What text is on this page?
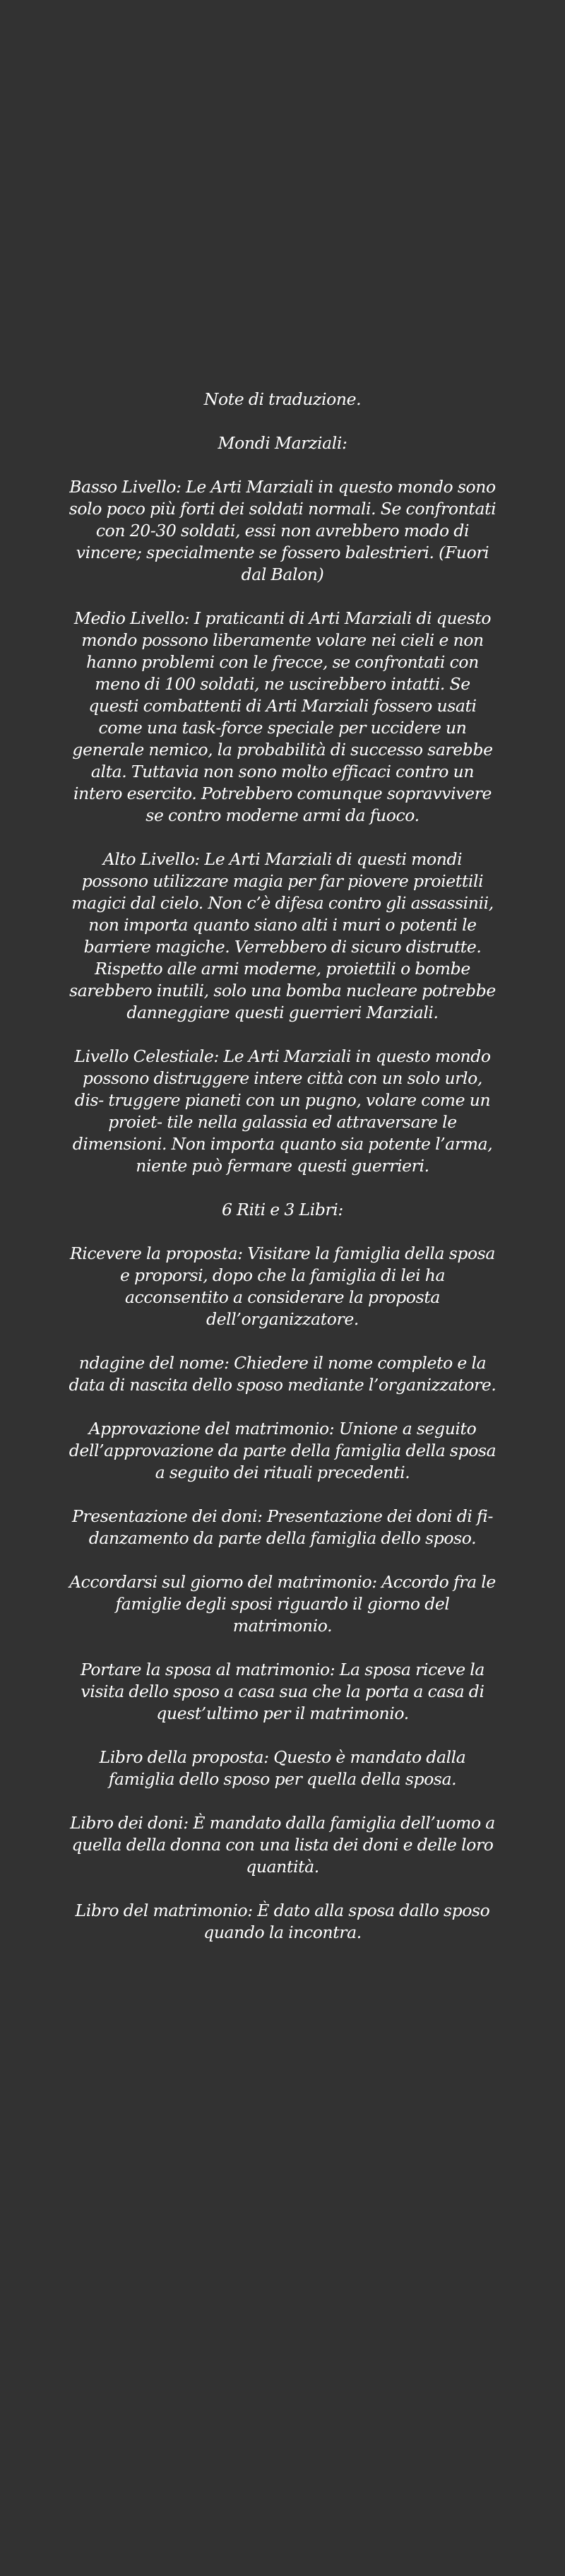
Note di traduzione.

Mondi Marziali:

Basso Livello: Le Arti Marziali in questo mondo sono solo poco più forti dei soldati normali. Se confrontati con 20-30 soldati, essi non avrebbero modo di vincere; specialmente se fossero balestrieri. (Fuori dal Balon)

Medio Livello: I praticanti di Arti Marziali di questo mondo possono liberamente volare nei cieli e non hanno problemi con le frecce, se confrontati con meno di 100 soldati, ne uscirebbero intatti. Se questi combattenti di Arti Marziali fossero usati come una task-force speciale per uccidere un generale nemico, la probabilità di successo sarebbe alta. Tuttavia non sono molto efficaci contro un intero esercito. Potrebbero comunque sopravvivere se contro moderne armi da fuoco.

Alto Livello: Le Arti Marziali di questi mondi possono utilizzare magia per far piovere proiettili magici dal cielo. Non c’è difesa contro gli assassinii, non importa quanto siano alti i muri o potenti le barriere magiche. Verrebbero di sicuro distrutte. Rispetto alle armi moderne, proiettili o bombe sarebbero inutili, solo una bomba nucleare potrebbe danneggiare questi guerrieri Marziali.

Livello Celestiale: Le Arti Marziali in questo mondo possono distruggere intere città con un solo urlo, dis- truggere pianeti con un pugno, volare come un proiet- tile nella galassia ed attraversare le dimensioni. Non importa quanto sia potente l’arma, niente può fermare questi guerrieri.

6 Riti e 3 Libri:

Ricevere la proposta: Visitare la famiglia della sposa e proporsi, dopo che la famiglia di lei ha acconsentito a considerare la proposta dell’organizzatore.

ndagine del nome: Chiedere il nome completo e la data di nascita dello sposo mediante l’organizzatore.

Approvazione del matrimonio: Unione a seguito dell’approvazione da parte della famiglia della sposa a seguito dei rituali precedenti.

Presentazione dei doni: Presentazione dei doni di fi- danzamento da parte della famiglia dello sposo.

Accordarsi sul giorno del matrimonio: Accordo fra le famiglie degli sposi riguardo il giorno del matrimonio.

Portare la sposa al matrimonio: La sposa riceve la visita dello sposo a casa sua che la porta a casa di quest’ultimo per il matrimonio.

Libro della proposta: Questo è mandato dalla famiglia dello sposo per quella della sposa.

Libro dei doni: È mandato dalla famiglia dell’uomo a quella della donna con una lista dei doni e delle loro quantità.

Libro del matrimonio: È dato alla sposa dallo sposo quando la incontra.
